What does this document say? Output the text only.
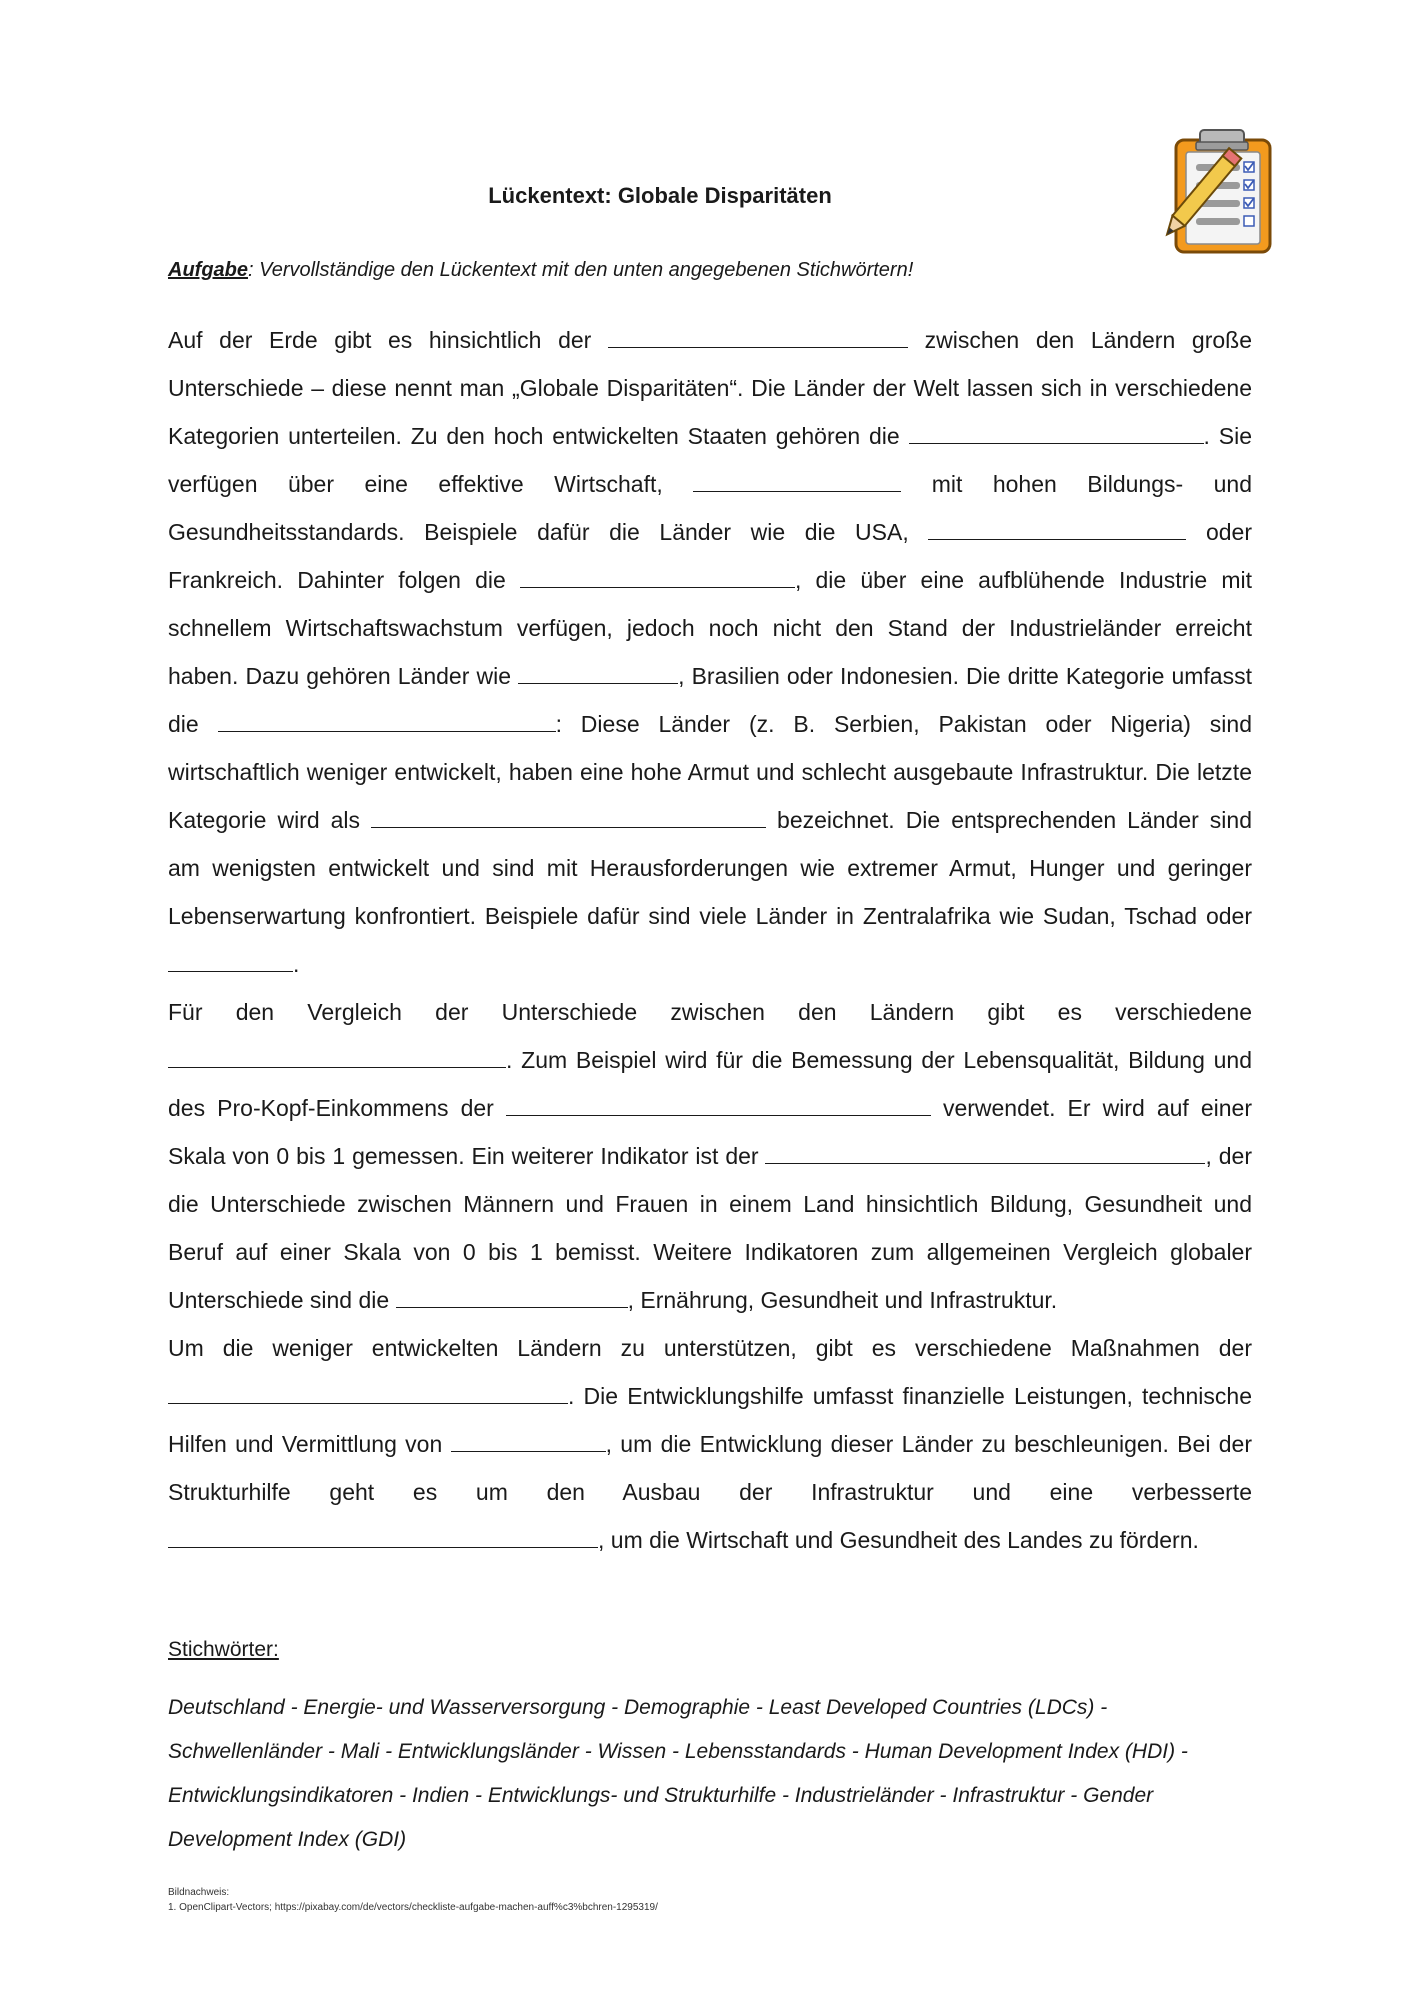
Lückentext: Globale Disparitäten

Aufgabe: Vervollständige den Lückentext mit den unten angegebenen Stichwörtern!

Auf der Erde gibt es hinsichtlich der	zwischen den Ländern große Unterschiede – diese nennt man „Globale Disparitäten“. Die Länder der Welt lassen sich in verschiedene Kategorien unterteilen. Zu den hoch entwickelten Staaten gehören die	. Sie verfügen über eine effektive Wirtschaft,	mit hohen Bildungs- und Gesundheitsstandards. Beispiele dafür die Länder wie die USA,	oder Frankreich. Dahinter folgen die	, die über eine aufblühende Industrie mit schnellem Wirtschaftswachstum verfügen, jedoch noch nicht den Stand der Industrieländer erreicht haben. Dazu gehören Länder wie	, Brasilien oder Indonesien. Die dritte Kategorie umfasst die	: Diese Länder (z. B. Serbien, Pakistan oder Nigeria) sind wirtschaftlich weniger entwickelt, haben eine hohe Armut und schlecht ausgebaute Infrastruktur. Die letzte Kategorie wird als	bezeichnet. Die entsprechenden Länder sind am wenigsten entwickelt und sind mit Herausforderungen wie extremer Armut, Hunger und geringer Lebenserwartung konfrontiert. Beispiele dafür sind viele Länder in Zentralafrika wie Sudan, Tschad oder .

Für den Vergleich der Unterschiede zwischen den Ländern gibt es verschiedene . Zum Beispiel wird für die Bemessung der Lebensqualität, Bildung und des Pro-Kopf-Einkommens der	verwendet. Er wird auf einer Skala von 0 bis 1 gemessen. Ein weiterer Indikator ist der	, der die Unterschiede zwischen Männern und Frauen in einem Land hinsichtlich Bildung, Gesundheit und Beruf auf einer Skala von 0 bis 1 bemisst. Weitere Indikatoren zum allgemeinen Vergleich globaler Unterschiede sind die	, Ernährung, Gesundheit und Infrastruktur.

Um die weniger entwickelten Ländern zu unterstützen, gibt es verschiedene Maßnahmen der . Die Entwicklungshilfe umfasst finanzielle Leistungen, technische Hilfen und Vermittlung von	, um die Entwicklung dieser Länder zu beschleunigen. Bei der Strukturhilfe geht es um den Ausbau der Infrastruktur und eine verbesserte , um die Wirtschaft und Gesundheit des Landes zu fördern.

Stichwörter:

Deutschland - Energie- und Wasserversorgung - Demographie - Least Developed Countries (LDCs) - Schwellenländer - Mali - Entwicklungsländer - Wissen - Lebensstandards - Human Development Index (HDI) - Entwicklungsindikatoren - Indien - Entwicklungs- und Strukturhilfe - Industrieländer - Infrastruktur - Gender Development Index (GDI)

Bildnachweis:
1. OpenClipart-Vectors; https://pixabay.com/de/vectors/checkliste-aufgabe-machen-auff%c3%bchren-1295319/
